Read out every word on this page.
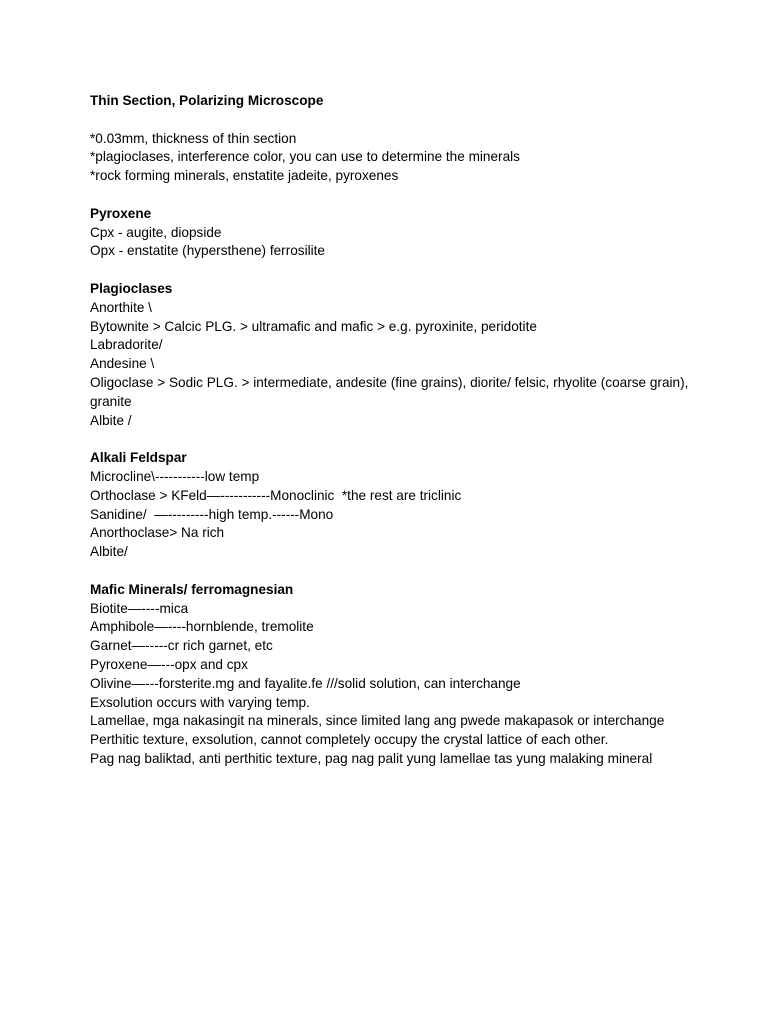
Thin Section, Polarizing Microscope

*0.03mm, thickness of thin section

*plagioclases, interference color, you can use to determine the minerals

*rock forming minerals, enstatite jadeite, pyroxenes

Pyroxene

Cpx - augite, diopside

Opx - enstatite (hypersthene) ferrosilite

Plagioclases

Anorthite \

Bytownite > Calcic PLG. > ultramafic and mafic > e.g. pyroxinite, peridotite

Labradorite/

Andesine \

Oligoclase > Sodic PLG. > intermediate, andesite (fine grains), diorite/ felsic, rhyolite (coarse grain), granite

Albite /

Alkali Feldspar

Microcline\-----------low temp

Orthoclase > KFeld—-----------Monoclinic  *the rest are triclinic

Sanidine/  —---------high temp.------Mono

Anorthoclase> Na rich

Albite/

Mafic Minerals/ ferromagnesian

Biotite—----mica

Amphibole—----hornblende, tremolite

Garnet—-----cr rich garnet, etc

Pyroxene—---opx and cpx

Olivine—---forsterite.mg and fayalite.fe ///solid solution, can interchange

Exsolution occurs with varying temp.

Lamellae, mga nakasingit na minerals, since limited lang ang pwede makapasok or interchange

Perthitic texture, exsolution, cannot completely occupy the crystal lattice of each other.

Pag nag baliktad, anti perthitic texture, pag nag palit yung lamellae tas yung malaking mineral
